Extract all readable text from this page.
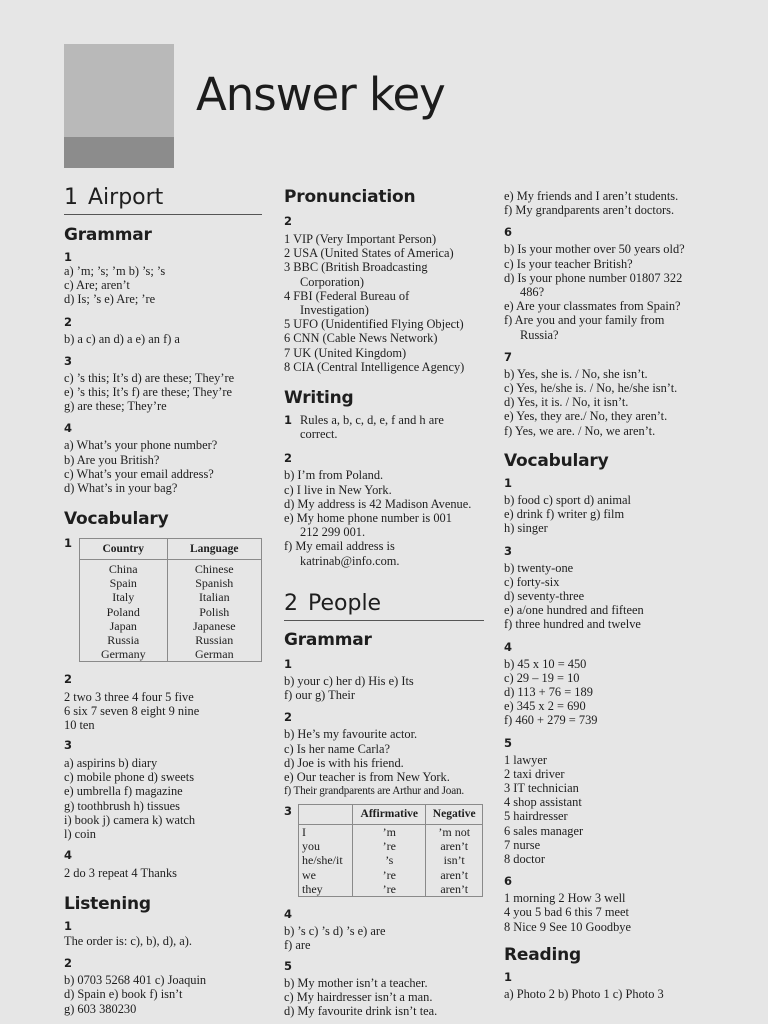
Answer key
1 Airport
Grammar
1
a) ’m; ’s; ’m b) ’s; ’s
c) Are; aren’t
d) Is; ’s e) Are; ’re
2
b) a c) an d) a e) an f) a
3
c) ’s this; It’s d) are these; They’re
e) ’s this; It’s f) are these; They’re
g) are these; They’re
4
a) What’s your phone number?
b) Are you British?
c) What’s your email address?
d) What’s in your bag?
Vocabulary
1	Country	Language
China	Chinese
Spain	Spanish
Italy	Italian
Poland	Polish
Japan	Japanese
Russia	Russian
Germany	German
2
2 two 3 three 4 four 5 five
6 six 7 seven 8 eight 9 nine
10 ten
3
a) aspirins b) diary
c) mobile phone d) sweets
e) umbrella f) magazine
g) toothbrush h) tissues
i) book j) camera k) watch
l) coin
4
2 do 3 repeat 4 Thanks
Listening
1
The order is: c), b), d), a).
2
b) 0703 5268 401 c) Joaquin
d) Spain e) book f) isn’t
g) 603 380230
Pronunciation
2
1 VIP (Very Important Person)
2 USA (United States of America)
3 BBC (British Broadcasting
Corporation)
4 FBI (Federal Bureau of
Investigation)
5 UFO (Unidentified Flying Object)
6 CNN (Cable News Network)
7 UK (United Kingdom)
8 CIA (Central Intelligence Agency)
Writing
1 Rules a, b, c, d, e, f and h are
correct.
2
b) I’m from Poland.
c) I live in New York.
d) My address is 42 Madison Avenue.
e) My home phone number is 001
212 299 001.
f) My email address is
katrinab@info.com.
2 People
Grammar
1
b) your c) her d) His e) Its
f) our g) Their
2
b) He’s my favourite actor.
c) Is her name Carla?
d) Joe is with his friend.
e) Our teacher is from New York.
f) Their grandparents are Arthur and Joan.
3
		Affirmative	Negative
I	’m	’m not
you	’re	aren’t
he/she/it	’s	isn’t
we	’re	aren’t
they	’re	aren’t
4
b) ’s c) ’s d) ’s e) are
f) are
5
b) My mother isn’t a teacher.
c) My hairdresser isn’t a man.
d) My favourite drink isn’t tea.
e) My friends and I aren’t students.
f) My grandparents aren’t doctors.
6
b) Is your mother over 50 years old?
c) Is your teacher British?
d) Is your phone number 01807 322
486?
e) Are your classmates from Spain?
f) Are you and your family from
Russia?
7
b) Yes, she is. / No, she isn’t.
c) Yes, he/she is. / No, he/she isn’t.
d) Yes, it is. / No, it isn’t.
e) Yes, they are./ No, they aren’t.
f) Yes, we are. / No, we aren’t.
Vocabulary
1
b) food c) sport d) animal
e) drink f) writer g) film
h) singer
3
b) twenty-one
c) forty-six
d) seventy-three
e) a/one hundred and fifteen
f) three hundred and twelve
4
b) 45 x 10 = 450
c) 29 – 19 = 10
d) 113 + 76 = 189
e) 345 x 2 = 690
f) 460 + 279 = 739
5
1 lawyer
2 taxi driver
3 IT technician
4 shop assistant
5 hairdresser
6 sales manager
7 nurse
8 doctor
6
1 morning 2 How 3 well
4 you 5 bad 6 this 7 meet
8 Nice 9 See 10 Goodbye
Reading
1
a) Photo 2 b) Photo 1 c) Photo 3
